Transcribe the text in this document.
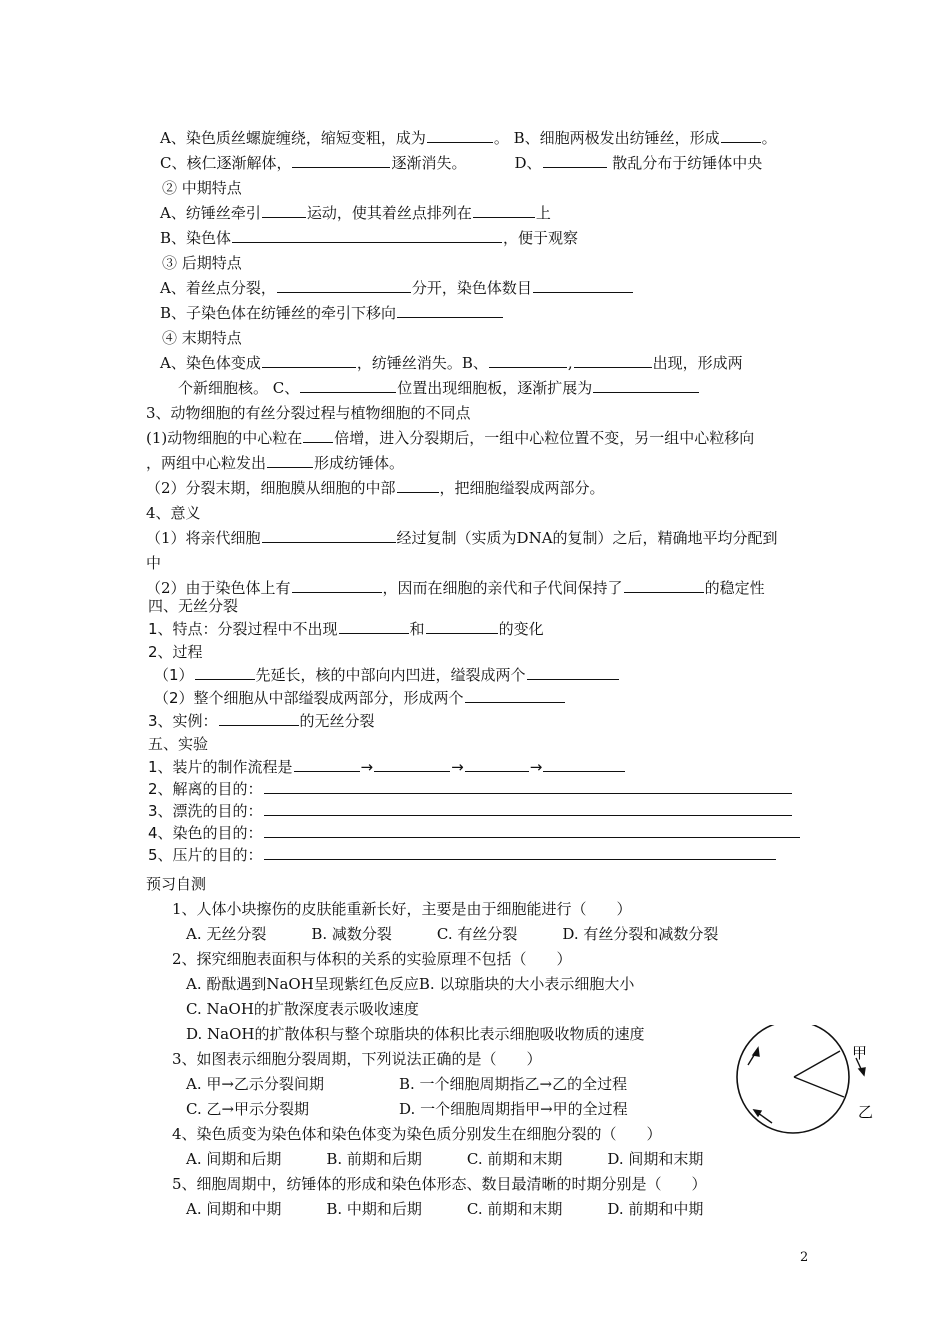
A、染色质丝螺旋缠绕，缩短变粗，成为	。 B、细胞两极发出纺锤丝，形成	。
C、核仁逐渐解体，	逐渐消失。	D、	散乱分布于纺锤体中央
② 中期特点
A、纺锤丝牵引	运动，使其着丝点排列在	上
B、染色体	，便于观察
③ 后期特点
A、着丝点分裂，	分开，染色体数目
B、子染色体在纺锤丝的牵引下移向
④ 末期特点
A、染色体变成	，纺锤丝消失。B、	,	出现，形成两
个新细胞核。 C、	位置出现细胞板，逐渐扩展为
3、动物细胞的有丝分裂过程与植物细胞的不同点
(1)动物细胞的中心粒在 倍增，进入分裂期后，一组中心粒位置不变，另一组中心粒移向
，两组中心粒发出	形成纺锤体。
（2）分裂末期，细胞膜从细胞的中部	，把细胞缢裂成两部分。
4、意义
（1）将亲代细胞	经过复制（实质为DNA的复制）之后，精确地平均分配到
中
（2）由于染色体上有	，因而在细胞的亲代和子代间保持了	的稳定性
四、无丝分裂
1、特点：分裂过程中不出现	和	的变化
2、过程
（1）	先延长，核的中部向内凹进，缢裂成两个
（2）整个细胞从中部缢裂成两部分，形成两个
3、实例：	的无丝分裂
五、实验
1、装片的制作流程是	→	→	→
2、解离的目的：
3、漂洗的目的：
4、染色的目的：
5、压片的目的：
预习自测
1、人体小块擦伤的皮肤能重新长好，主要是由于细胞能进行（　　）
A. 无丝分裂　　　B. 减数分裂　　　C. 有丝分裂　　　D. 有丝分裂和减数分裂
2、探究细胞表面积与体积的关系的实验原理不包括（　　）
A. 酚酞遇到NaOH呈现紫红色反应B. 以琼脂块的大小表示细胞大小
C. NaOH的扩散深度表示吸收速度
D. NaOH的扩散体积与整个琼脂块的体积比表示细胞吸收物质的速度
3、如图表示细胞分裂周期，下列说法正确的是（　　）
A. 甲→乙示分裂间期　　　　　B. 一个细胞周期指乙→乙的全过程
C. 乙→甲示分裂期　　　　　　D. 一个细胞周期指甲→甲的全过程
4、染色质变为染色体和染色体变为染色质分别发生在细胞分裂的（　　）
A. 间期和后期　　　B. 前期和后期　　　C. 前期和末期　　　D. 间期和末期
5、细胞周期中，纺锤体的形成和染色体形态、数目最清晰的时期分别是（　　）
A. 间期和中期　　　B. 中期和后期　　　C. 前期和末期　　　D. 前期和中期
甲
乙
2
